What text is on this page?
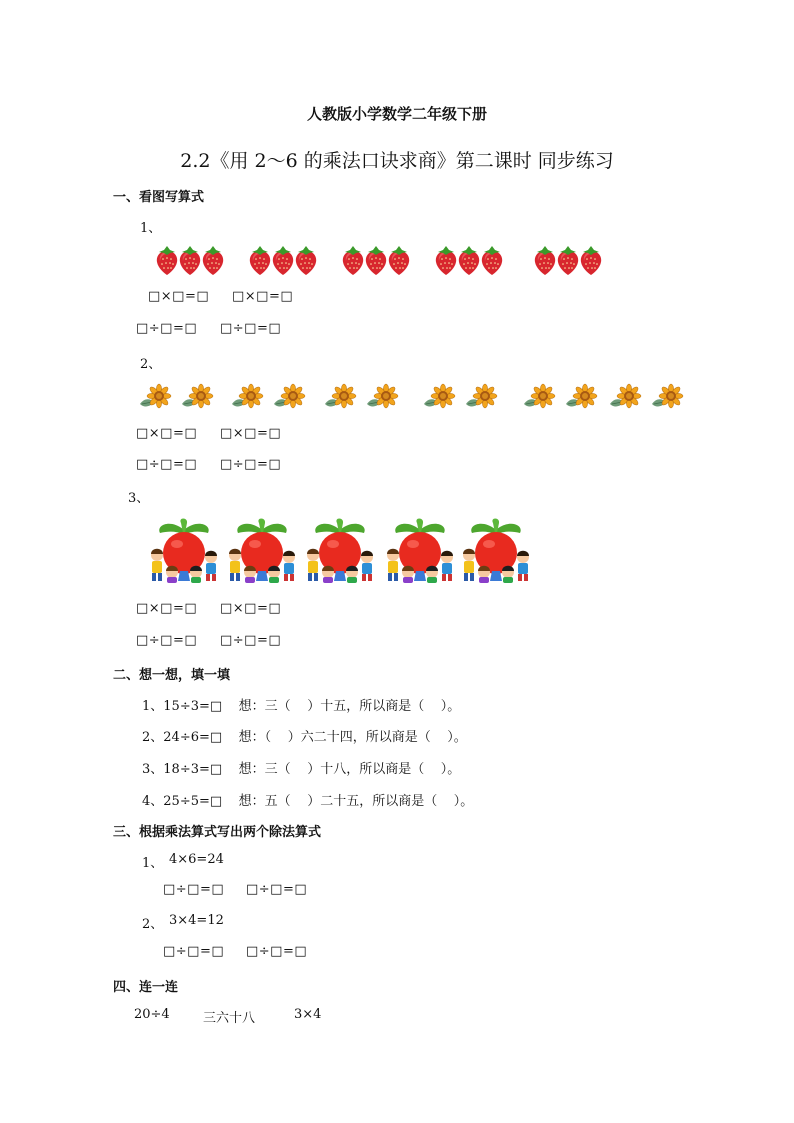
人教版小学数学二年级下册
2.2《用 2～6 的乘法口诀求商》第二课时 同步练习
一、看图写算式
1、
□×□=□ □×□=□
□÷□=□ □÷□=□
2、
□×□=□ □×□=□
□÷□=□ □÷□=□
3、
□×□=□ □×□=□
□÷□=□ □÷□=□
二、想一想，填一填
1、15÷3=□    想：三（    ）十五，所以商是（    ）。
2、24÷6=□    想：（    ）六二十四，所以商是（    ）。
3、18÷3=□    想：三（    ）十八，所以商是（    ）。
4、25÷5=□    想：五（    ）二十五，所以商是（    ）。
三、根据乘法算式写出两个除法算式
1、 4×6=24
□÷□=□ □÷□=□
2、 3×4=12
□÷□=□ □÷□=□
四、连一连
20÷4	三六十八	3×4
